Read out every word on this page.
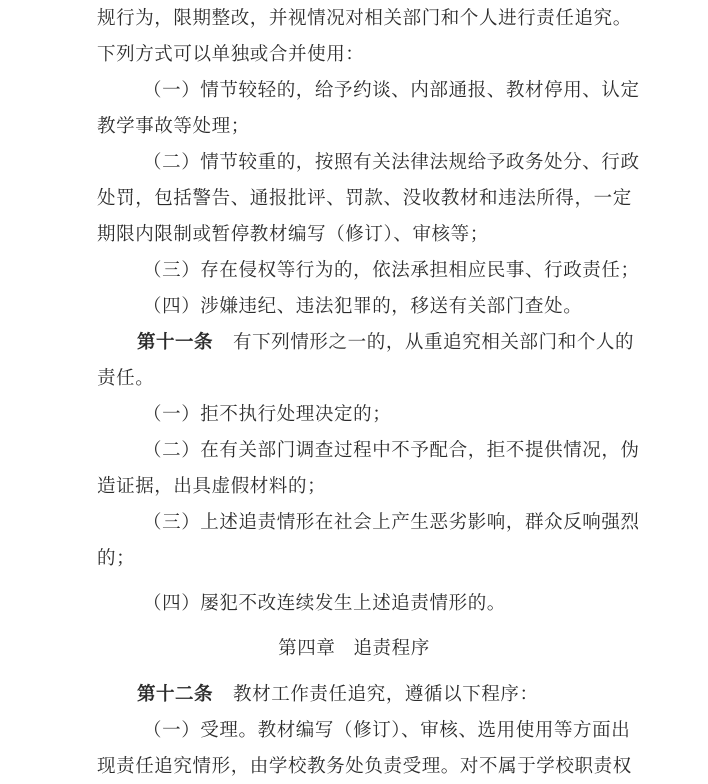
规行为，限期整改，并视情况对相关部门和个人进行责任追究。
下列方式可以单独或合并使用：
（一）情节较轻的，给予约谈、内部通报、教材停用、认定
教学事故等处理；
（二）情节较重的，按照有关法律法规给予政务处分、行政
处罚，包括警告、通报批评、罚款、没收教材和违法所得，一定
期限内限制或暂停教材编写（修订）、审核等；
（三）存在侵权等行为的，依法承担相应民事、行政责任；
（四）涉嫌违纪、违法犯罪的，移送有关部门查处。
第十一条 有下列情形之一的，从重追究相关部门和个人的
责任。
（一）拒不执行处理决定的；
（二）在有关部门调查过程中不予配合，拒不提供情况，伪
造证据，出具虚假材料的；
（三）上述追责情形在社会上产生恶劣影响，群众反响强烈
的；
（四）屡犯不改连续发生上述追责情形的。
第四章 追责程序
第十二条 教材工作责任追究，遵循以下程序：
（一）受理。教材编写（修订）、审核、选用使用等方面出
现责任追究情形，由学校教务处负责受理。对不属于学校职责权
